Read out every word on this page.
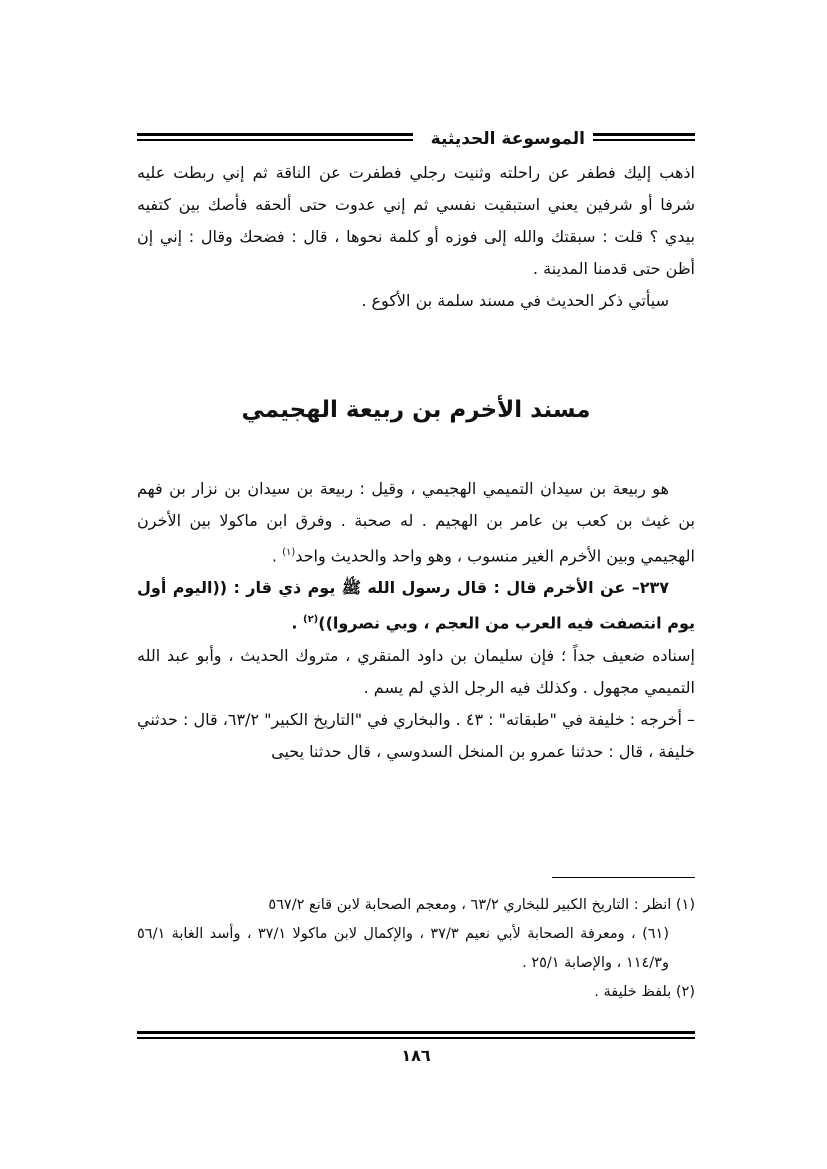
الموسوعة الحديثية

اذهب إليك فطفر عن راحلته وثنيت رجلي فطفرت عن الناقة ثم إني ربطت عليه شرفا أو شرفين يعني استبقيت نفسي ثم إني عدوت حتى ألحقه فأصك بين كتفيه بيدي ؟ قلت : سبقتك والله إلى فوزه أو كلمة نحوها ، قال : فضحك وقال : إني إن أظن حتى قدمنا المدينة .

سيأتي ذكر الحديث في مسند سلمة بن الأكوع .

مسند الأخرم بن ربيعة الهجيمي

هو ربيعة بن سيدان التميمي الهجيمي ، وقيل : ربيعة بن سيدان بن نزار بن فهم بن غيث بن كعب بن عامر بن الهجيم . له صحبة . وفرق ابن ماكولا بين الأخرن الهجيمي وبين الأخرم الغير منسوب ، وهو واحد والحديث واحد$^{(١)}$ .

٢٣٧– عن الأخرم قال : قال رسول الله ﷺ يوم ذي قار : ((اليوم أول يوم انتصفت فيه العرب من العجم ، وبي نصروا))$^{(٢)}$ .

إسناده ضعيف جداً ؛ فإن سليمان بن داود المنقري ، متروك الحديث ، وأبو عبد الله التميمي مجهول . وكذلك فيه الرجل الذي لم يسم .

– أخرجه : خليفة في "طبقاته" : ٤٣ . والبخاري في "التاريخ الكبير" ٦٣/٢، قال : حدثني خليفة ، قال : حدثنا عمرو بن المنخل السدوسي ، قال حدثنا يحيى

(١) انظر : التاريخ الكبير للبخاري ٦٣/٢ ، ومعجم الصحابة لابن قانع ٥٦٧/٢

(٦١) ، ومعرفة الصحابة لأبي نعيم ٣٧/٣ ، والإكمال لابن ماكولا ٣٧/١ ، وأسد الغابة ٥٦/١ و١١٤/٣ ، والإصابة ٢٥/١ .

(٢) بلفظ خليفة .

١٨٦
